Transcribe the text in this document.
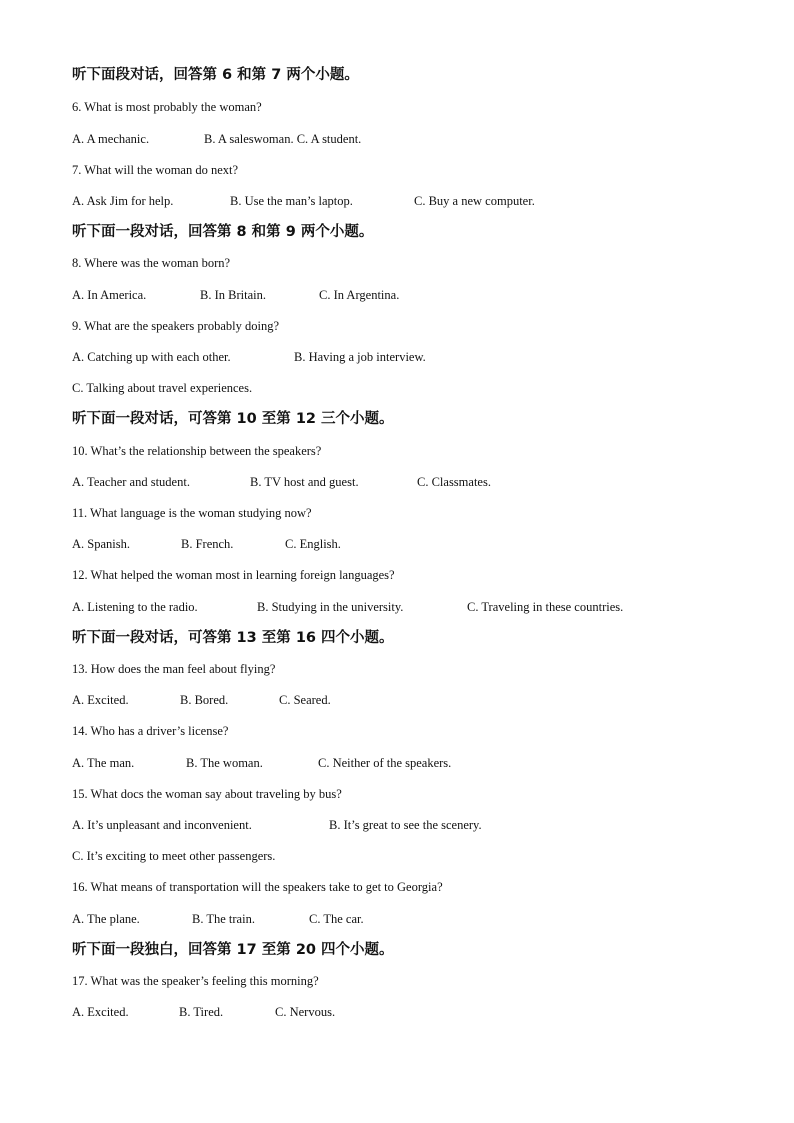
听下面段对话，回答第 6 和第 7 两个小题。
6. What is most probably the woman?
A. A mechanic.	B. A saleswoman. C. A student.
7. What will the woman do next?
A. Ask Jim for help.	B. Use the man’s laptop.	C. Buy a new computer.
听下面一段对话，回答第 8 和第 9 两个小题。
8. Where was the woman born?
A. In America.	B. In Britain.	C. In Argentina.
9. What are the speakers probably doing?
A. Catching up with each other.	B. Having a job interview.
C. Talking about travel experiences.
听下面一段对话，可答第 10 至第 12 三个小题。
10. What’s the relationship between the speakers?
A. Teacher and student.	B. TV host and guest.	C. Classmates.
11. What language is the woman studying now?
A. Spanish.	B. French.	C. English.
12. What helped the woman most in learning foreign languages?
A. Listening to the radio.	B. Studying in the university.	C. Traveling in these countries.
听下面一段对话，可答第 13 至第 16 四个小题。
13. How does the man feel about flying?
A. Excited.	B. Bored.	C. Seared.
14. Who has a driver’s license?
A. The man.	B. The woman.	C. Neither of the speakers.
15. What docs the woman say about traveling by bus?
A. It’s unpleasant and inconvenient.	B. It’s great to see the scenery.
C. It’s exciting to meet other passengers.
16. What means of transportation will the speakers take to get to Georgia?
A. The plane.	B. The train.	C. The car.
听下面一段独白，回答第 17 至第 20 四个小题。
17. What was the speaker’s feeling this morning?
A. Excited.	B. Tired.	C. Nervous.
